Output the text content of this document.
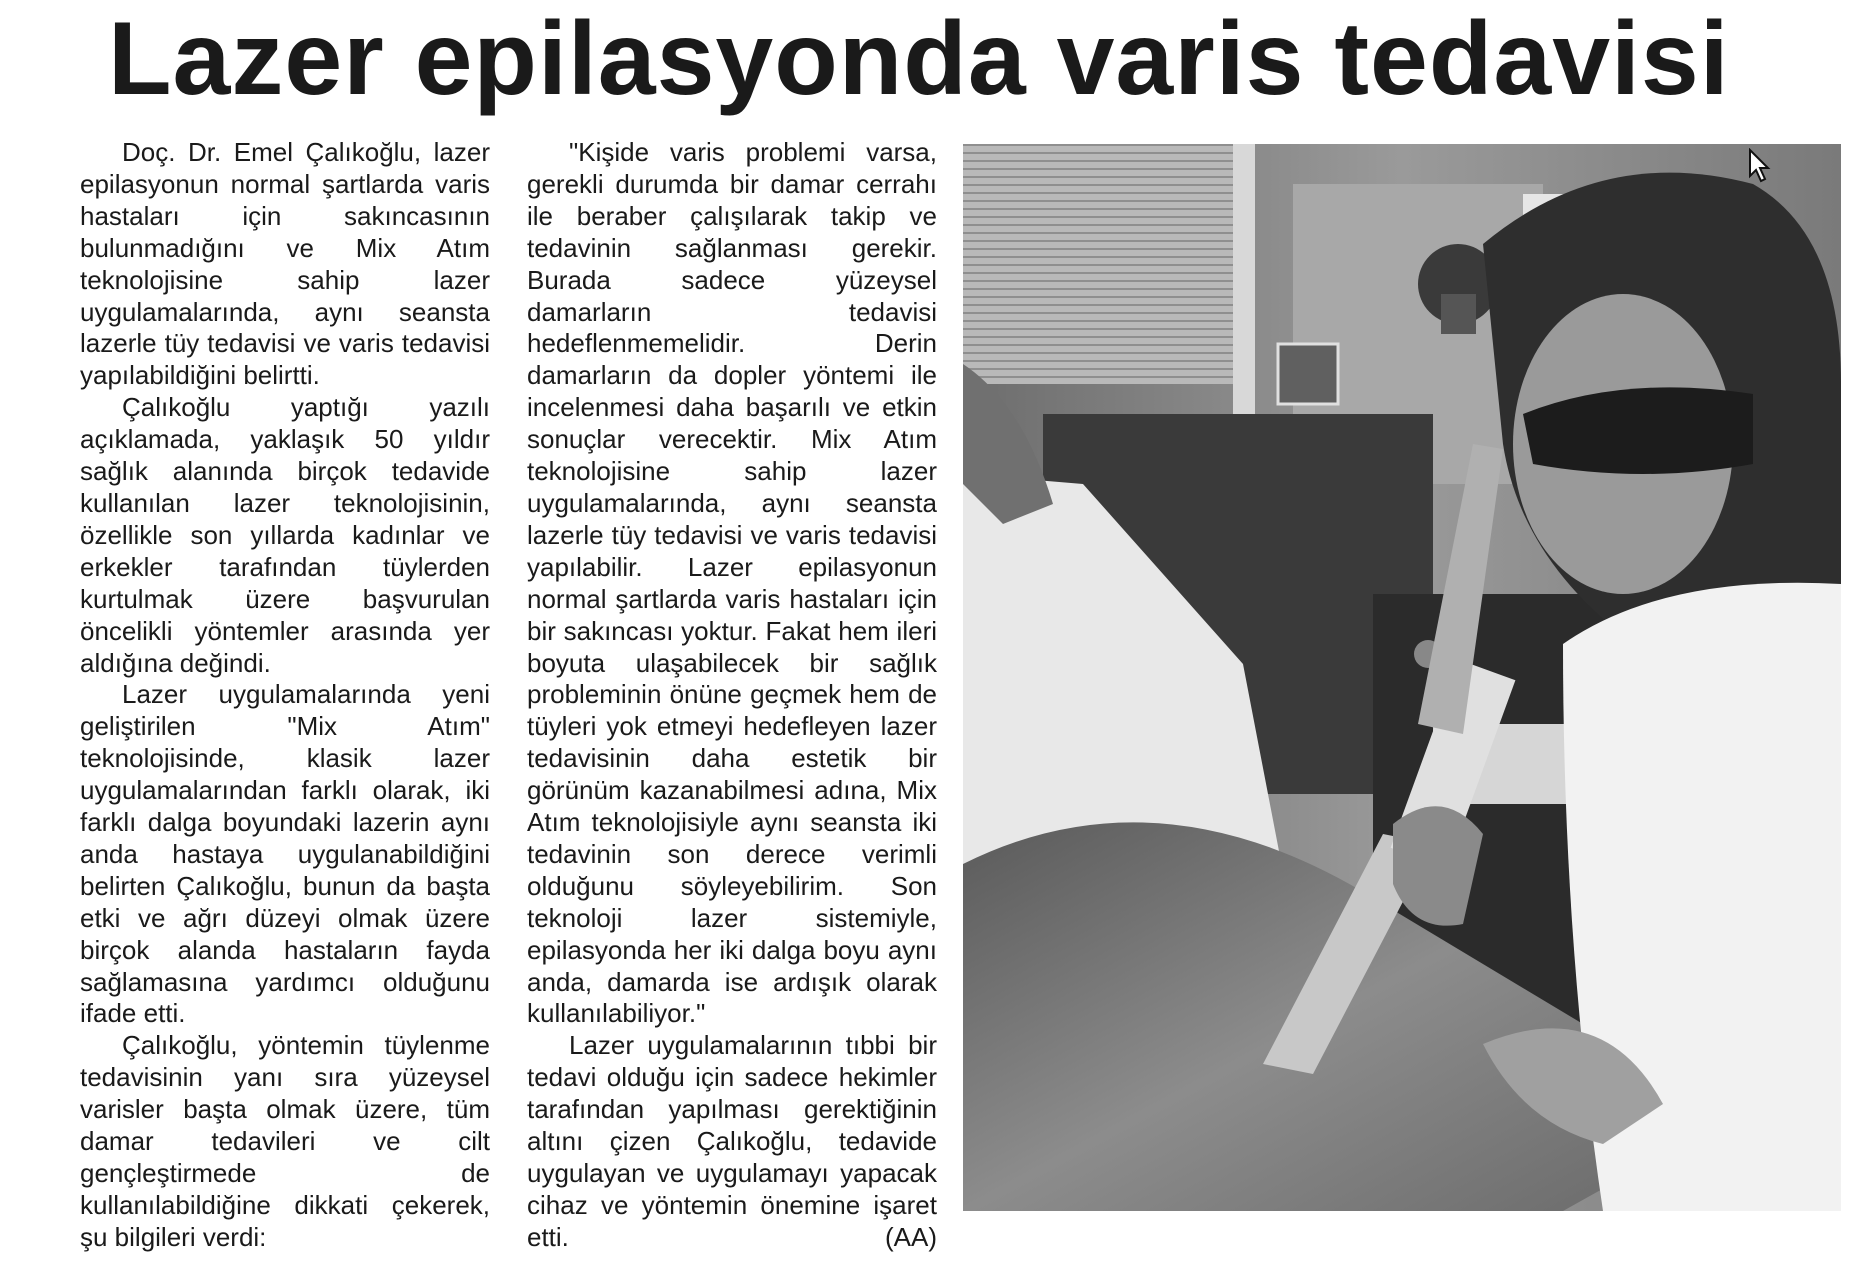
Lazer epilasyonda varis tedavisi

Doç. Dr. Emel Çalıkoğlu, lazer epilasyonun normal şartlarda varis hastaları için sakıncasının bulunmadığını ve Mix Atım teknolojisine sahip lazer uygulamalarında, aynı seansta lazerle tüy tedavisi ve varis tedavisi yapılabildiğini belirtti.

Çalıkoğlu yaptığı yazılı açıklamada, yaklaşık 50 yıldır sağlık alanında birçok tedavide kullanılan lazer teknolojisinin, özellikle son yıllarda kadınlar ve erkekler tarafından tüylerden kurtulmak üzere başvurulan öncelikli yöntemler arasında yer aldığına değindi.

Lazer uygulamalarında yeni geliştirilen "Mix Atım" teknolojisinde, klasik lazer uygulamalarından farklı olarak, iki farklı dalga boyundaki lazerin aynı anda hastaya uygulanabildiğini belirten Çalıkoğlu, bunun da başta etki ve ağrı düzeyi olmak üzere birçok alanda hastaların fayda sağlamasına yardımcı olduğunu ifade etti.

Çalıkoğlu, yöntemin tüylenme tedavisinin yanı sıra yüzeysel varisler başta olmak üzere, tüm damar tedavileri ve cilt gençleştirmede de kullanılabildiğine dikkati çekerek, şu bilgileri verdi:

"Kişide varis problemi varsa, gerekli durumda bir damar cerrahı ile beraber çalışılarak takip ve tedavinin sağlanması gerekir. Burada sadece yüzeysel damarların tedavisi hedeflenmemelidir. Derin damarların da dopler yöntemi ile incelenmesi daha başarılı ve etkin sonuçlar verecektir. Mix Atım teknolojisine sahip lazer uygulamalarında, aynı seansta lazerle tüy tedavisi ve varis tedavisi yapılabilir. Lazer epilasyonun normal şartlarda varis hastaları için bir sakıncası yoktur. Fakat hem ileri boyuta ulaşabilecek bir sağlık probleminin önüne geçmek hem de tüyleri yok etmeyi hedefleyen lazer tedavisinin daha estetik bir görünüm kazanabilmesi adına, Mix Atım teknolojisiyle aynı seansta iki tedavinin son derece verimli olduğunu söyleyebilirim. Son teknoloji lazer sistemiyle, epilasyonda her iki dalga boyu aynı anda, damarda ise ardışık olarak kullanılabiliyor."

Lazer uygulamalarının tıbbi bir tedavi olduğu için sadece hekimler tarafından yapılması gerektiğinin altını çizen Çalıkoğlu, tedavide uygulayan ve uygulamayı yapacak cihaz ve yöntemin önemine işaret etti.	(AA)
